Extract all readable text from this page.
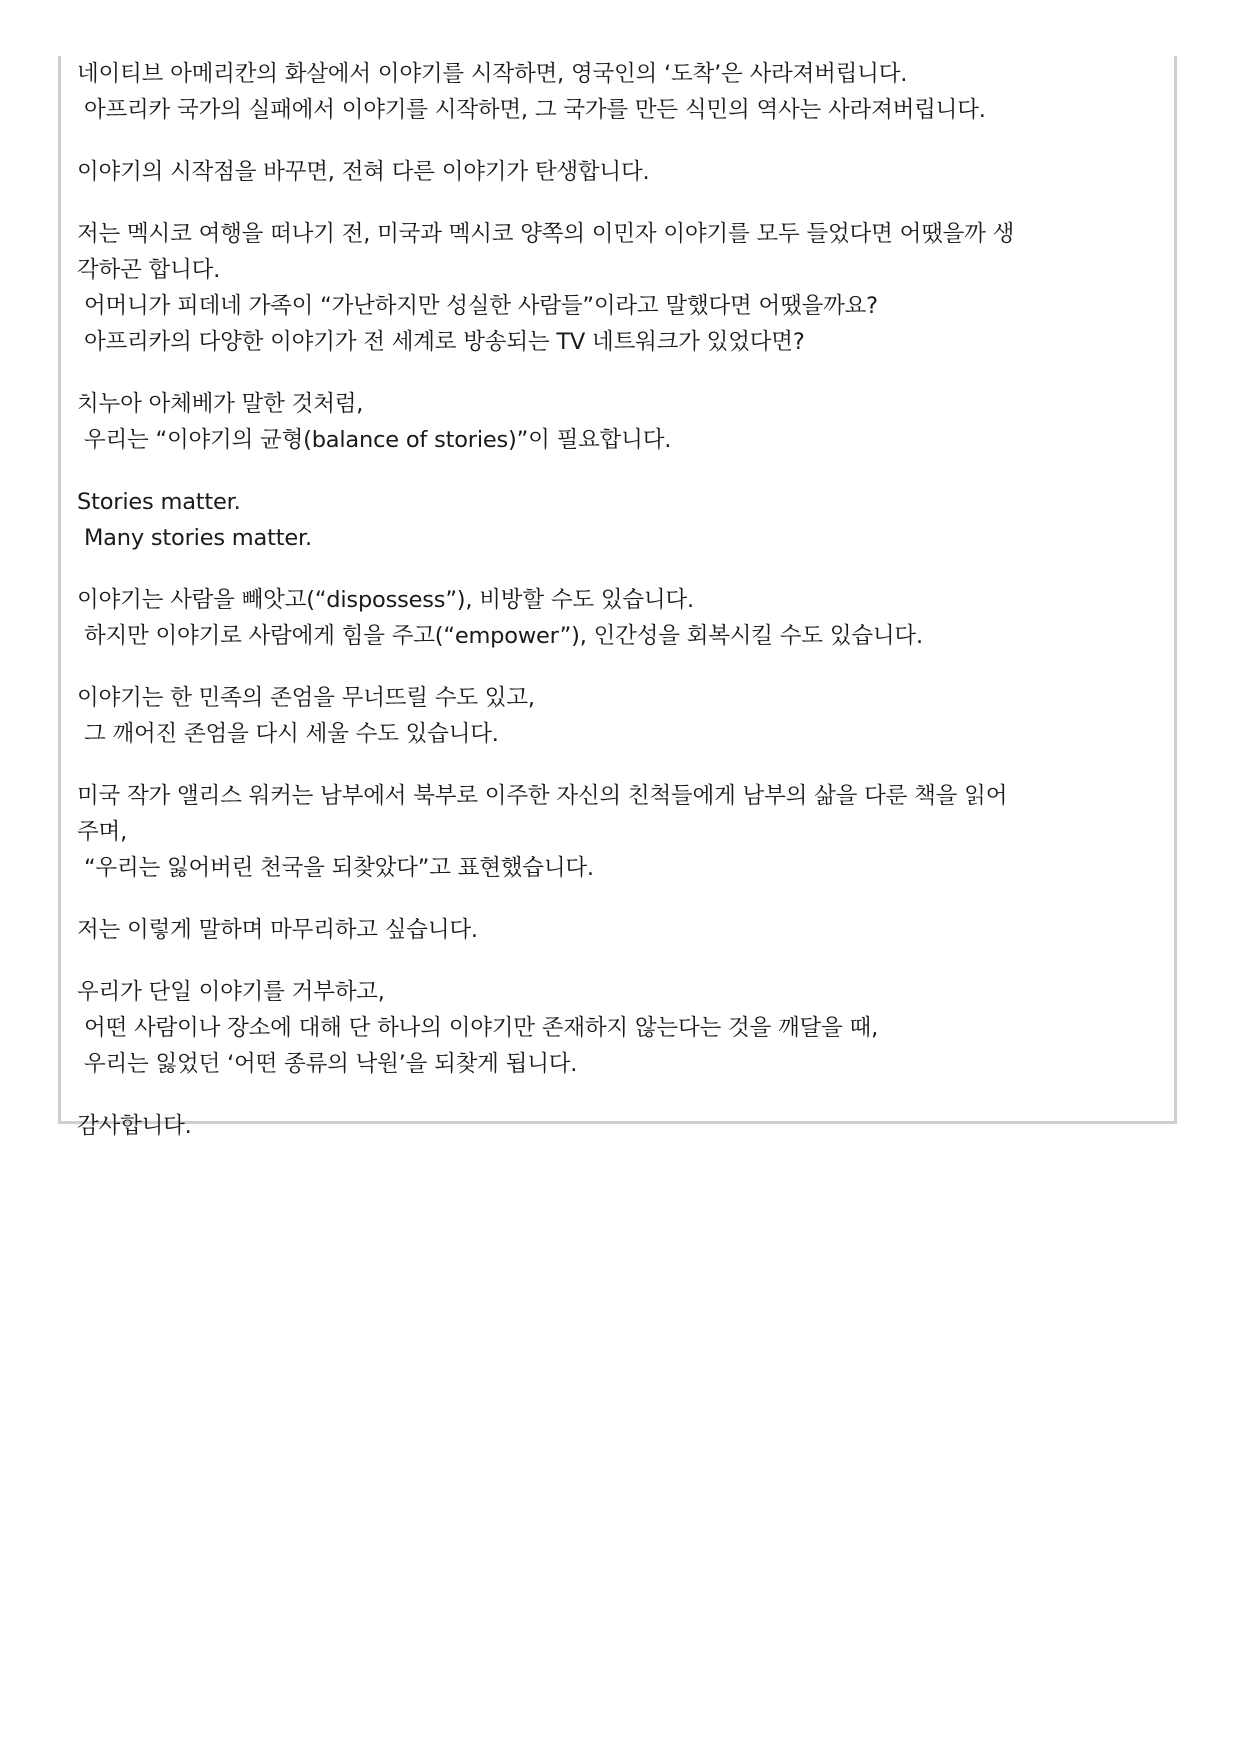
네이티브 아메리칸의 화살에서 이야기를 시작하면, 영국인의 ‘도착’은 사라져버립니다.
아프리카 국가의 실패에서 이야기를 시작하면, 그 국가를 만든 식민의 역사는 사라져버립니다.
이야기의 시작점을 바꾸면, 전혀 다른 이야기가 탄생합니다.
저는 멕시코 여행을 떠나기 전, 미국과 멕시코 양쪽의 이민자 이야기를 모두 들었다면 어땠을까 생
각하곤 합니다.
어머니가 피데네 가족이 “가난하지만 성실한 사람들”이라고 말했다면 어땠을까요?
아프리카의 다양한 이야기가 전 세계로 방송되는 TV 네트워크가 있었다면?
치누아 아체베가 말한 것처럼,
우리는 “이야기의 균형(balance of stories)”이 필요합니다.
Stories matter.
Many stories matter.
이야기는 사람을 빼앗고(“dispossess”), 비방할 수도 있습니다.
하지만 이야기로 사람에게 힘을 주고(“empower”), 인간성을 회복시킬 수도 있습니다.
이야기는 한 민족의 존엄을 무너뜨릴 수도 있고,
그 깨어진 존엄을 다시 세울 수도 있습니다.
미국 작가 앨리스 워커는 남부에서 북부로 이주한 자신의 친척들에게 남부의 삶을 다룬 책을 읽어
주며,
“우리는 잃어버린 천국을 되찾았다”고 표현했습니다.
저는 이렇게 말하며 마무리하고 싶습니다.
우리가 단일 이야기를 거부하고,
어떤 사람이나 장소에 대해 단 하나의 이야기만 존재하지 않는다는 것을 깨달을 때,
우리는 잃었던 ‘어떤 종류의 낙원’을 되찾게 됩니다.
감사합니다.
